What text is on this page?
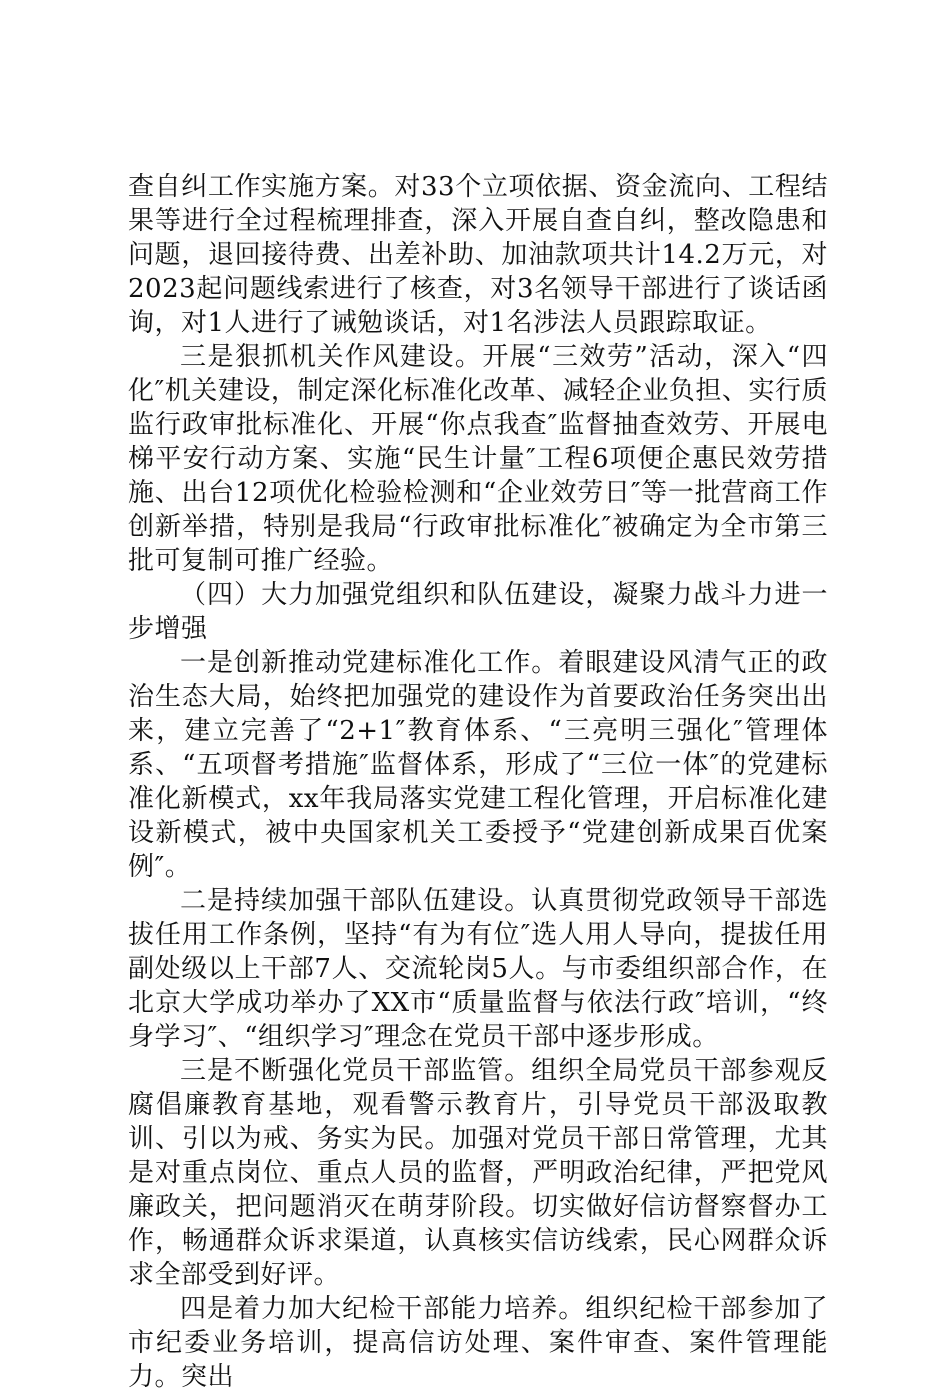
查自纠工作实施方案。对33个立项依据、资金流向、工程结果等进行全过程梳理排查，深入开展自查自纠，整改隐患和问题，退回接待费、出差补助、加油款项共计14.2万元，对2023起问题线索进行了核查，对3名领导干部进行了谈话函询，对1人进行了诫勉谈话，对1名涉法人员跟踪取证。

三是狠抓机关作风建设。开展“三效劳”活动，深入“四化″机关建设，制定深化标准化改革、减轻企业负担、实行质监行政审批标准化、开展“你点我查″监督抽查效劳、开展电梯平安行动方案、实施“民生计量″工程6项便企惠民效劳措施、出台12项优化检验检测和“企业效劳日″等一批营商工作创新举措，特别是我局“行政审批标准化″被确定为全市第三批可复制可推广经验。

（四）大力加强党组织和队伍建设，凝聚力战斗力进一步增强

一是创新推动党建标准化工作。着眼建设风清气正的政治生态大局，始终把加强党的建设作为首要政治任务突出出来，建立完善了“2+1″教育体系、“三亮明三强化″管理体系、“五项督考措施″监督体系，形成了“三位一体″的党建标准化新模式，xx年我局落实党建工程化管理，开启标准化建设新模式，被中央国家机关工委授予“党建创新成果百优案例″。

二是持续加强干部队伍建设。认真贯彻党政领导干部选拔任用工作条例，坚持“有为有位″选人用人导向，提拔任用副处级以上干部7人、交流轮岗5人。与市委组织部合作，在北京大学成功举办了XX市“质量监督与依法行政″培训，“终身学习″、“组织学习″理念在党员干部中逐步形成。

三是不断强化党员干部监管。组织全局党员干部参观反腐倡廉教育基地，观看警示教育片，引导党员干部汲取教训、引以为戒、务实为民。加强对党员干部日常管理，尤其是对重点岗位、重点人员的监督，严明政治纪律，严把党风廉政关，把问题消灭在萌芽阶段。切实做好信访督察督办工作，畅通群众诉求渠道，认真核实信访线索，民心网群众诉求全部受到好评。

四是着力加大纪检干部能力培养。组织纪检干部参加了市纪委业务培训，提高信访处理、案件审查、案件管理能力。突出
